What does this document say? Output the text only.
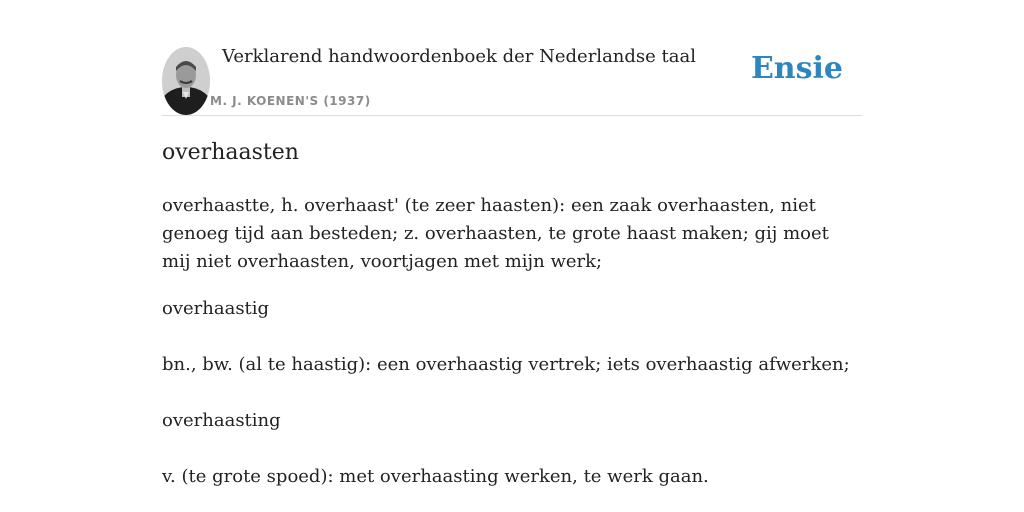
Verklarend handwoordenboek der Nederlandse taal
M. J. KOENEN'S (1937)
Ensie
overhaasten
overhaastte, h. overhaast' (te zeer haasten): een zaak overhaasten, niet genoeg tijd aan besteden; z. overhaasten, te grote haast maken; gij moet mij niet overhaasten, voortjagen met mijn werk;
overhaastig
bn., bw. (al te haastig): een overhaastig vertrek; iets overhaastig afwerken;
overhaasting
v. (te grote spoed): met overhaasting werken, te werk gaan.
